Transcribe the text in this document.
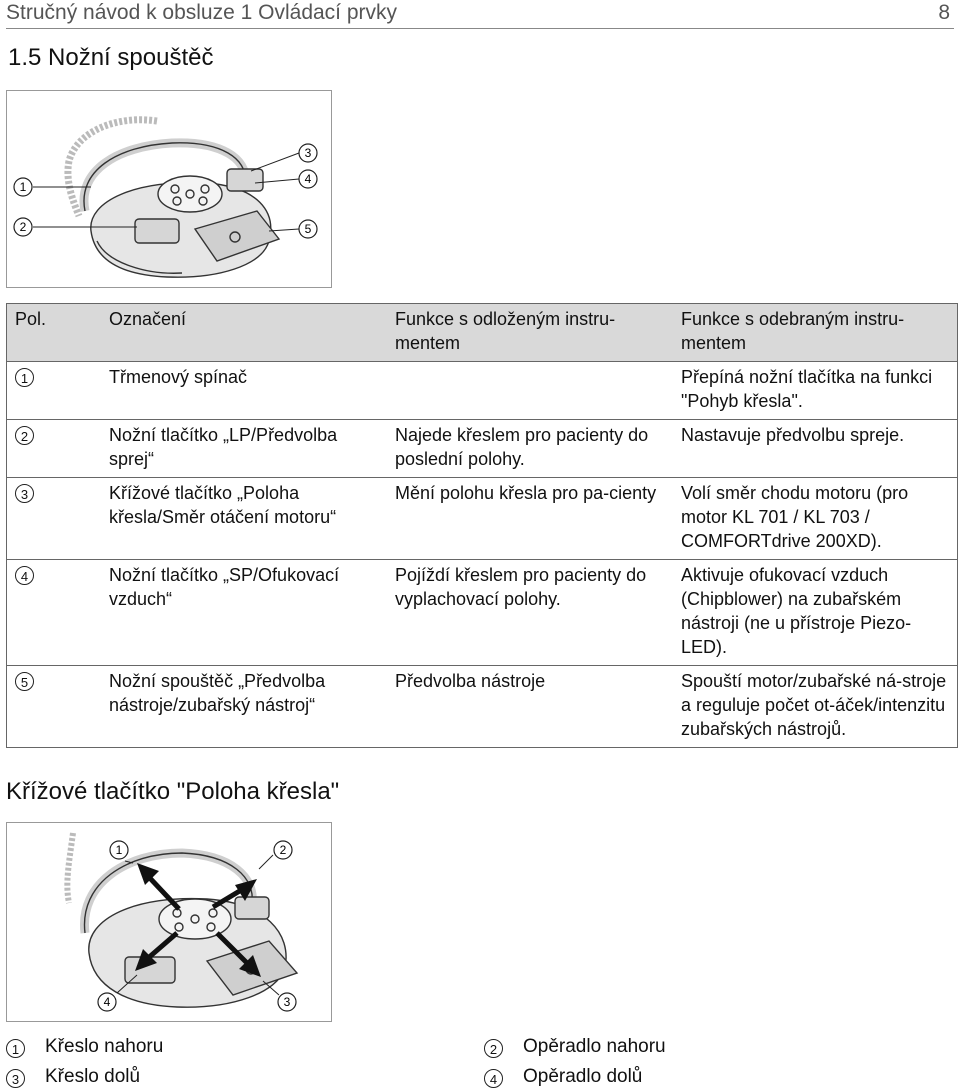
Stručný návod k obsluze 1 Ovládací prvky	8
1.5 Nožní spouštěč
1
2
3
4
5
Pol.	Označení	Funkce s odloženým instru-mentem	Funkce s odebraným instru-mentem
1	Třmenový spínač		Přepíná nožní tlačítka na funkci "Pohyb křesla".
2	Nožní tlačítko „LP/Předvolba sprej“	Najede křeslem pro pacienty do poslední polohy.	Nastavuje předvolbu spreje.
3	Křížové tlačítko „Poloha křesla/Směr otáčení motoru“	Mění polohu křesla pro pa-cienty	Volí směr chodu motoru (pro motor KL 701 / KL 703 / COMFORTdrive 200XD).
4	Nožní tlačítko „SP/Ofukovací vzduch“	Pojíždí křeslem pro pacienty do vyplachovací polohy.	Aktivuje ofukovací vzduch (Chipblower) na zubařském nástroji (ne u přístroje Piezo-LED).
5	Nožní spouštěč „Předvolba nástroje/zubařský nástroj“	Předvolba nástroje	Spouští motor/zubařské ná-stroje a reguluje počet ot-áček/intenzitu zubařských nástrojů.
Křížové tlačítko "Poloha křesla"
1	2
3
4
1 Křeslo nahoru	2 Opěradlo nahoru
3 Křeslo dolů	4 Opěradlo dolů
